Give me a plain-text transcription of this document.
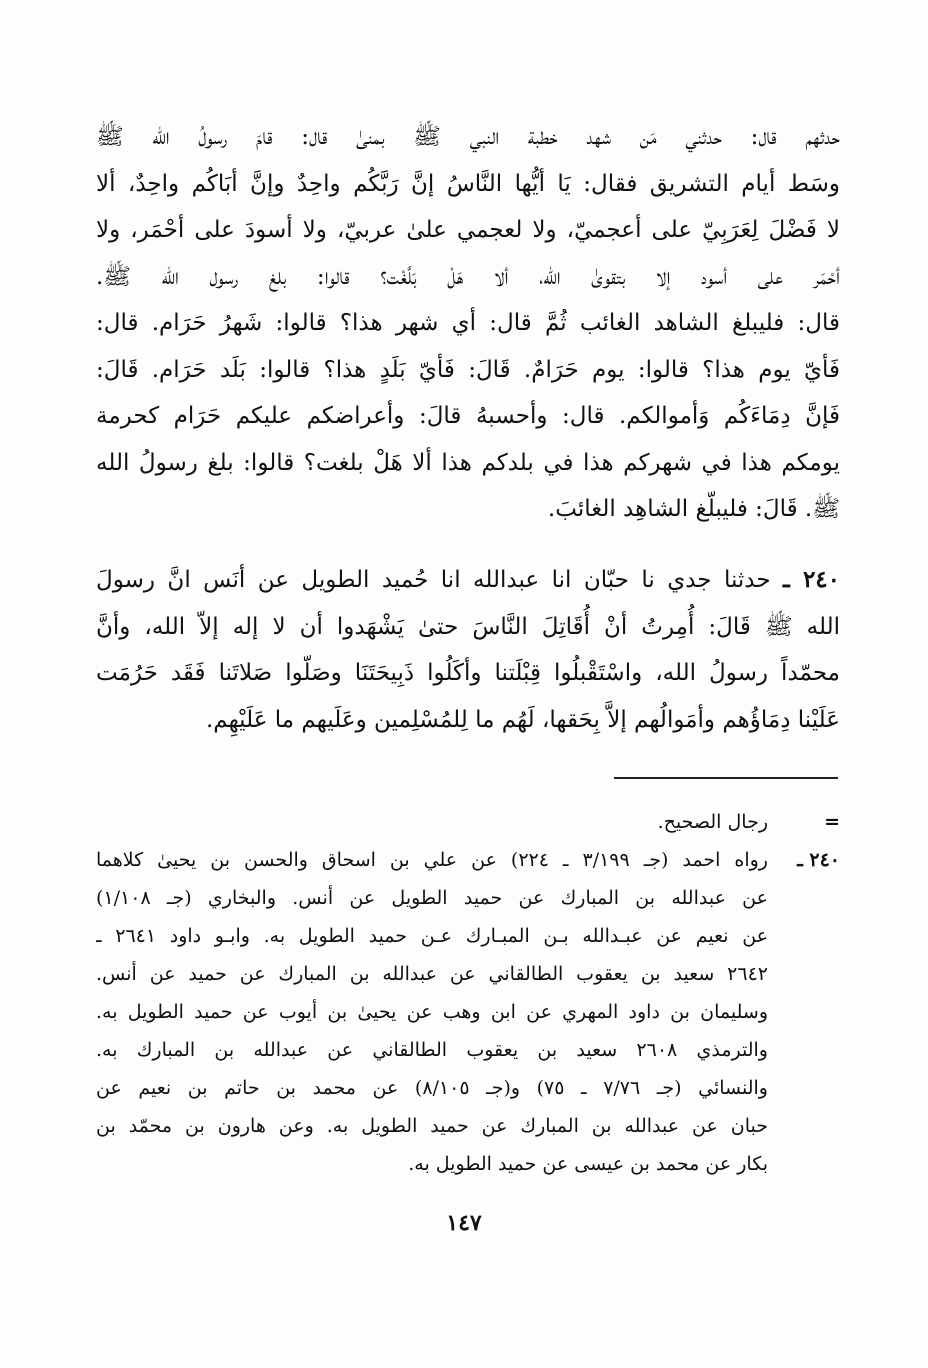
حدثهم قال: حدثني مَن شهد خطبة النبي ﷺ بمنىٰ قال: قامَ رسولُ الله ﷺ
وسَط أيام التشريق فقال: يَا أيُّها النَّاسُ إنَّ رَبَّكُم واحِدٌ وإنَّ أبَاكُم واحِدٌ، ألا
لا فَضْلَ لِعَرَبِيّ على أعجميّ، ولا لعجمي علىٰ عربيّ، ولا أسودَ على أحْمَر، ولا
أحْمَر على أسود إلا بتقوىٰ الله، ألا هَلْ بَلَّغْت؟ قالوا: بلغ رسول الله ﷺ.
قال: فليبلغ الشاهد الغائب ثُمَّ قال: أي شهر هذا؟ قالوا: شَهرُ حَرَام. قال:
فَأيّ يوم هذا؟ قالوا: يوم حَرَامٌ. قَالَ: فَأيّ بَلَدٍ هذا؟ قالوا: بَلَد حَرَام. قَالَ:
فَإنَّ دِمَاءَكُم وَأموالكم. قال: وأحسبهُ قالَ: وأعراضكم عليكم حَرَام كحرمة
يومكم هذا في شهركم هذا في بلدكم هذا ألا هَلْ بلغت؟ قالوا: بلغ رسولُ الله
ﷺ. قَالَ: فليبلّغ الشاهِد الغائبَ.
٢٤٠ ـ حدثنا جدي نا حبّان انا عبدالله انا حُميد الطويل عن أنَس انَّ رسولَ
الله ﷺ قَالَ: أُمِرتُ أنْ أُقَاتِلَ النَّاسَ حتىٰ يَشْهَدوا أن لا إله إلاّ الله، وأنَّ
محمّداً رسولُ الله، واسْتَقْبلُوا قِبْلَتنا وأكَلُوا ذَبِيحَتَنَا وصَلّوا صَلاتَنا فَقَد حَرُمَت
عَلَيْنا دِمَاؤُهم وأمَوالُهم إلاَّ بِحَقها، لَهُم ما لِلمُسْلِمين وعَلَيهم ما عَلَيْهِم.
=
رجال الصحيح.
٢٤٠ ـ
رواه احمد (جـ ٣/١٩٩ ـ ٢٢٤) عن علي بن اسحاق والحسن بن يحيىٰ كلاهما
عن عبدالله بن المبارك عن حميد الطويل عن أنس. والبخاري (جـ ١/١٠٨)
عن نعيم عن عبـدالله بـن المبـارك عـن حميد الطويل به. وابـو داود ٢٦٤١ ـ
٢٦٤٢ سعيد بن يعقوب الطالقاني عن عبدالله بن المبارك عن حميد عن أنس.
وسليمان بن داود المهري عن ابن وهب عن يحيىٰ بن أيوب عن حميد الطويل به.
والترمذي ٢٦٠٨ سعيد بن يعقوب الطالقاني عن عبدالله بن المبارك به.
والنسائي (جـ ٧/٧٦ ـ ٧٥) و(جـ ٨/١٠٥) عن محمد بن حاتم بن نعيم عن
حبان عن عبدالله بن المبارك عن حميد الطويل به. وعن هارون بن محمّد بن
بكار عن محمد بن عيسى عن حميد الطويل به.
١٤٧
